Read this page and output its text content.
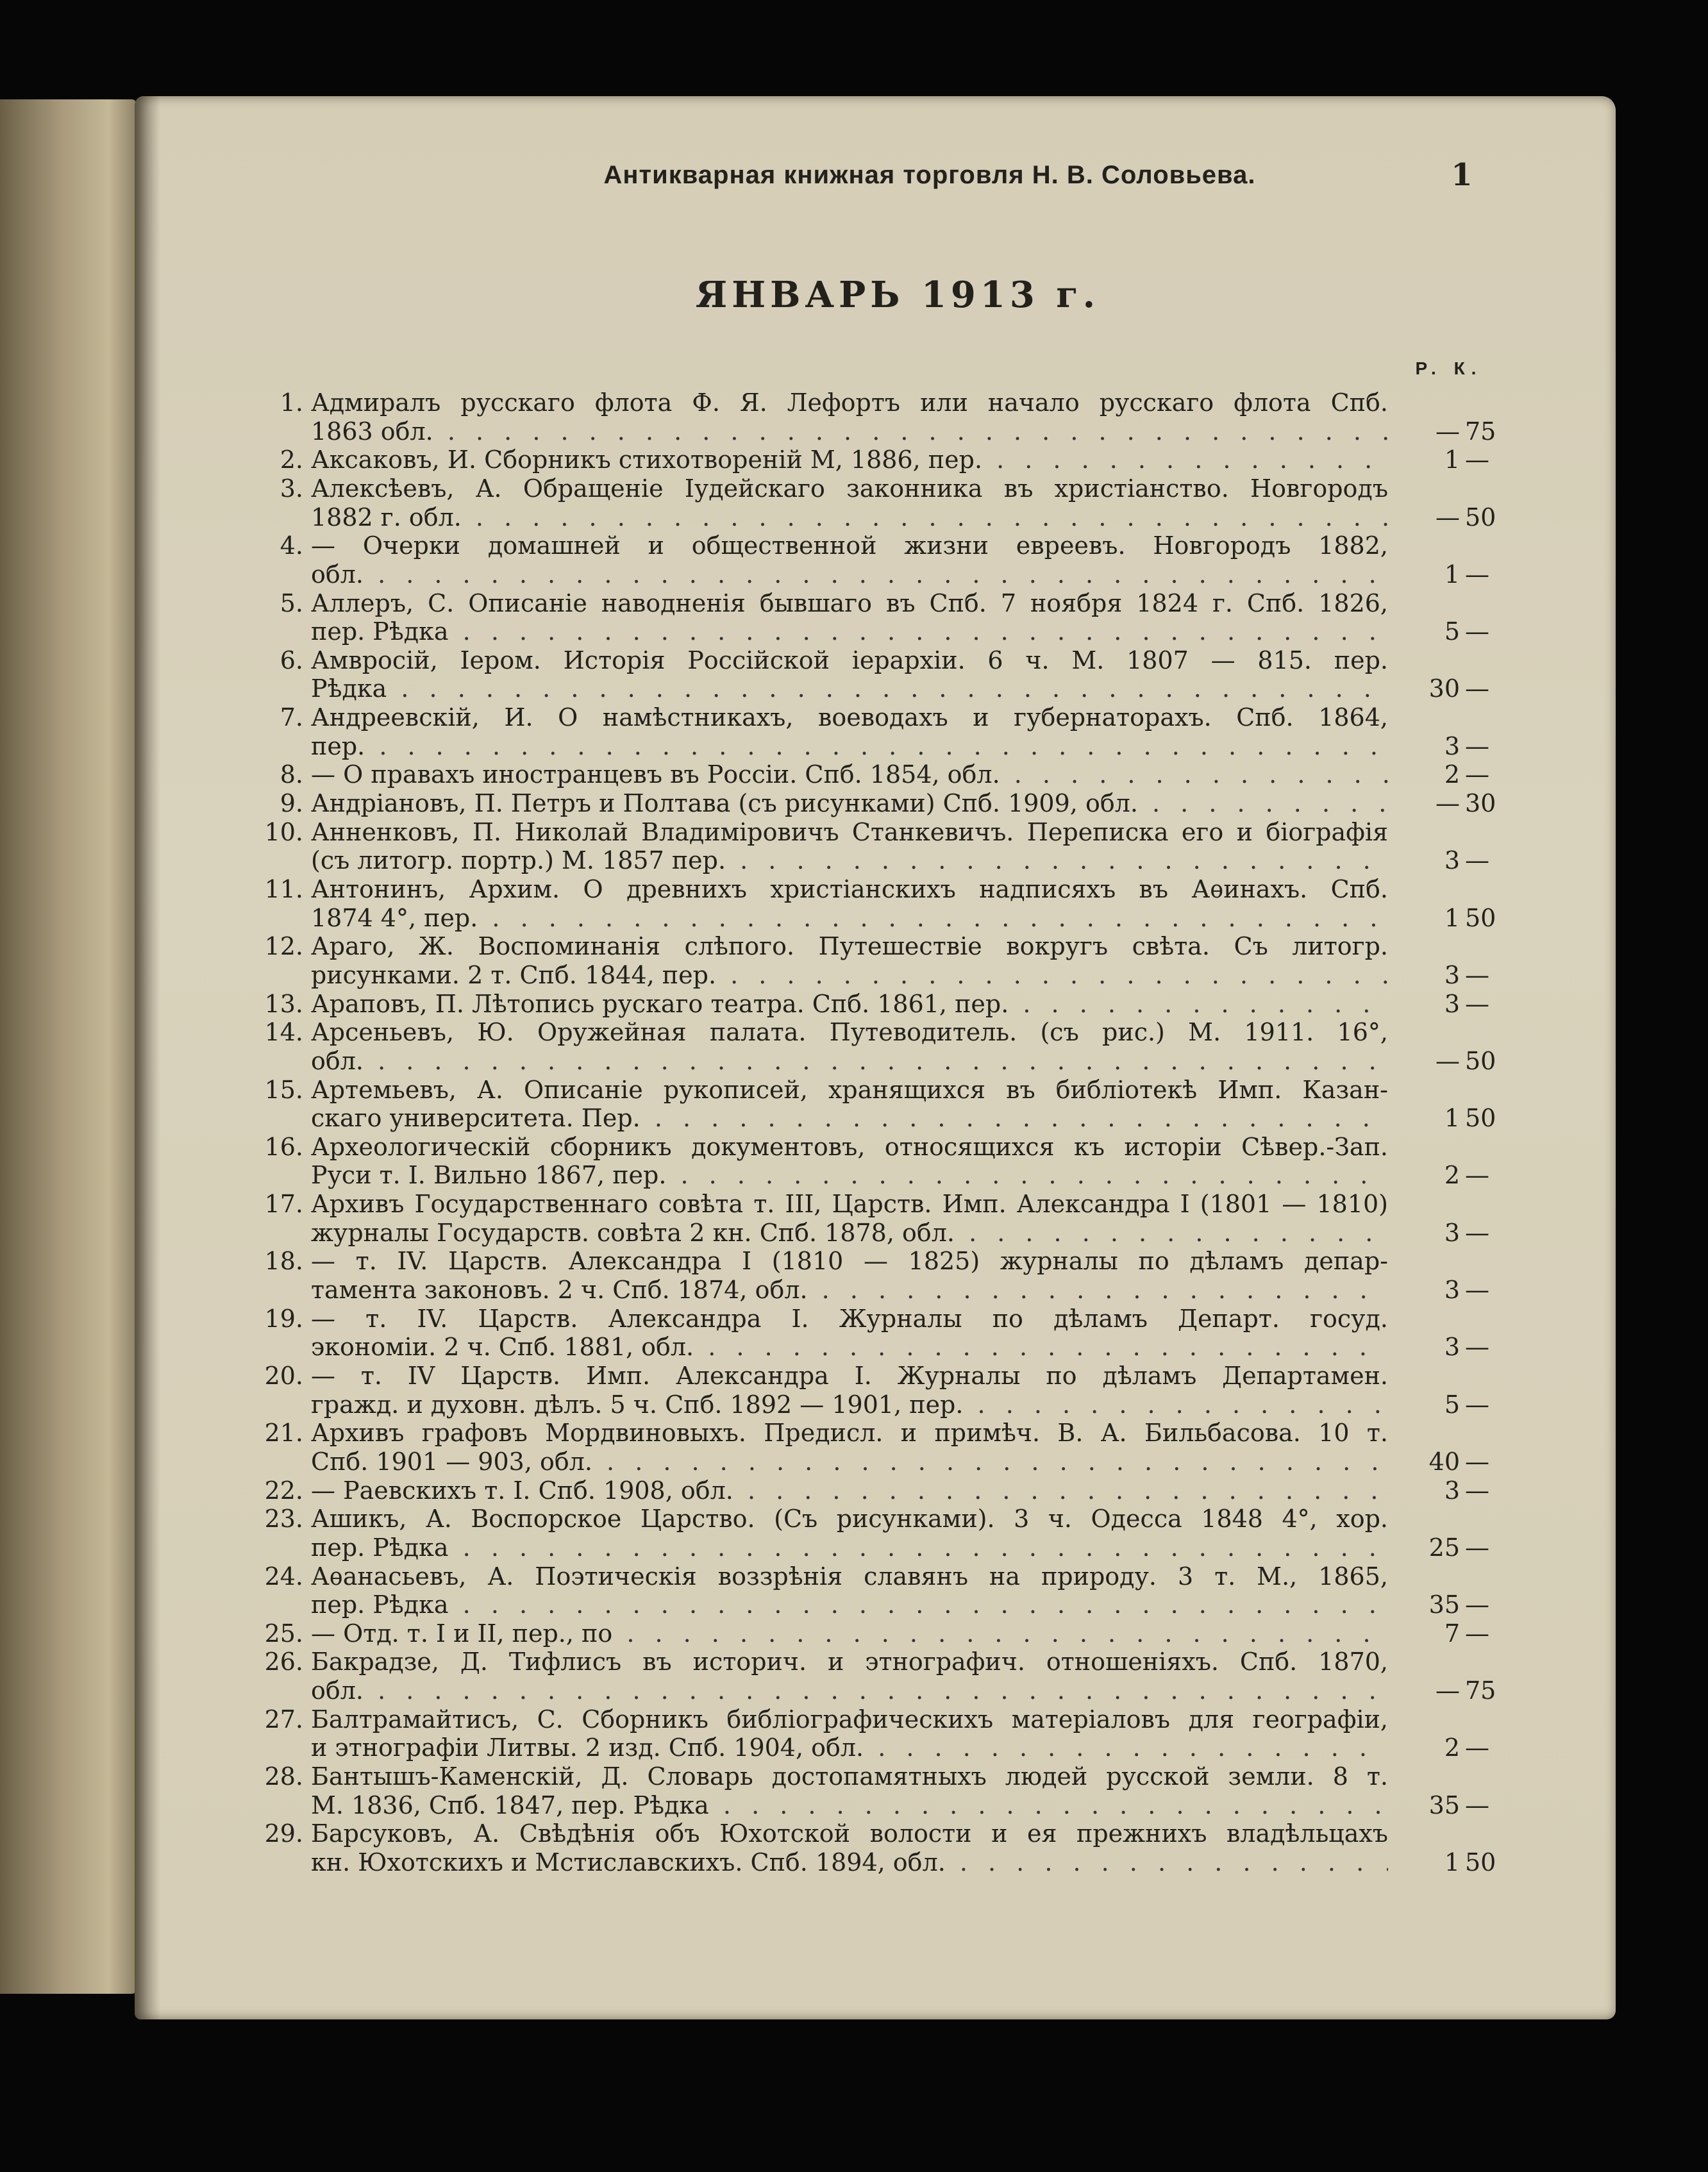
Антикварная книжная торговля Н. В. Соловьева.	1
ЯНВАРЬ 1913 г.
Р. К.
1. Адмиралъ русскаго флота Ф. Я. Лефортъ или начало русскаго флота Спб.
1863 обл. . . .	— 75
2. Аксаковъ, И. Сборникъ стихотвореній М, 1886, пер. . . .	1 —
3. Алексѣевъ, А. Обращеніе Іудейскаго законника въ христіанство. Новгородъ
1882 г. обл. . . .	— 50
4. — Очерки домашней и общественной жизни евреевъ. Новгородъ 1882,
обл. . . .	1 —
5. Аллеръ, С. Описаніе наводненія бывшаго въ Спб. 7 ноября 1824 г. Спб. 1826,
пер. Рѣдка . . .	5 —
6. Амвросій, Іером. Исторія Россійской іерархіи. 6 ч. М. 1807 — 815. пер.
Рѣдка . . .	30 —
7. Андреевскій, И. О намѣстникахъ, воеводахъ и губернаторахъ. Спб. 1864,
пер. . . .	3 —
8. — О правахъ иностранцевъ въ Россіи. Спб. 1854, обл. . . .	2 —
9. Андріановъ, П. Петръ и Полтава (съ рисунками) Спб. 1909, обл. . . .	— 30
10. Анненковъ, П. Николай Владиміровичъ Станкевичъ. Переписка его и біографія
(съ литогр. портр.) М. 1857 пер. . . .	3 —
11. Антонинъ, Архим. О древнихъ христіанскихъ надписяхъ въ Аѳинахъ. Спб.
1874 4°, пер. . . .	1 50
12. Араго, Ж. Воспоминанія слѣпого. Путешествіе вокругъ свѣта. Съ литогр.
рисунками. 2 т. Спб. 1844, пер. . . .	3 —
13. Араповъ, П. Лѣтопись рускаго театра. Спб. 1861, пер. . . .	3 —
14. Арсеньевъ, Ю. Оружейная палата. Путеводитель. (съ рис.) М. 1911. 16°,
обл. . . .	— 50
15. Артемьевъ, А. Описаніе рукописей, хранящихся въ библіотекѣ Имп. Казан-
скаго университета. Пер. . . .	1 50
16. Археологическій сборникъ документовъ, относящихся къ исторіи Сѣвер.-Зап.
Руси т. I. Вильно 1867, пер. . . .	2 —
17. Архивъ Государственнаго совѣта т. III, Царств. Имп. Александра I (1801 — 1810)
журналы Государств. совѣта 2 кн. Спб. 1878, обл. . . .	3 —
18. — т. IV. Царств. Александра I (1810 — 1825) журналы по дѣламъ депар-
тамента законовъ. 2 ч. Спб. 1874, обл. . . .	3 —
19. — т. IV. Царств. Александра I. Журналы по дѣламъ Департ. госуд.
экономіи. 2 ч. Спб. 1881, обл. . . .	3 —
20. — т. IV Царств. Имп. Александра I. Журналы по дѣламъ Департамен.
гражд. и духовн. дѣлъ. 5 ч. Спб. 1892 — 1901, пер. . . .	5 —
21. Архивъ графовъ Мордвиновыхъ. Предисл. и примѣч. В. А. Бильбасова. 10 т.
Спб. 1901 — 903, обл. . . .	40 —
22. — Раевскихъ т. I. Спб. 1908, обл. . . .	3 —
23. Ашикъ, А. Воспорское Царство. (Съ рисунками). 3 ч. Одесса 1848 4°, хор.
пер. Рѣдка . . .	25 —
24. Аѳанасьевъ, А. Поэтическія воззрѣнія славянъ на природу. 3 т. М., 1865,
пер. Рѣдка . . .	35 —
25. — Отд. т. I и II, пер., по . . .	7 —
26. Бакрадзе, Д. Тифлисъ въ историч. и этнографич. отношеніяхъ. Спб. 1870,
обл. . . .	— 75
27. Балтрамайтисъ, С. Сборникъ библіографическихъ матеріаловъ для географіи,
и этнографіи Литвы. 2 изд. Спб. 1904, обл. . . .	2 —
28. Бантышъ-Каменскій, Д. Словарь достопамятныхъ людей русской земли. 8 т.
М. 1836, Спб. 1847, пер. Рѣдка . . .	35 —
29. Барсуковъ, А. Свѣдѣнія объ Юхотской волости и ея прежнихъ владѣльцахъ
кн. Юхотскихъ и Мстиславскихъ. Спб. 1894, обл. . . .	1 50
